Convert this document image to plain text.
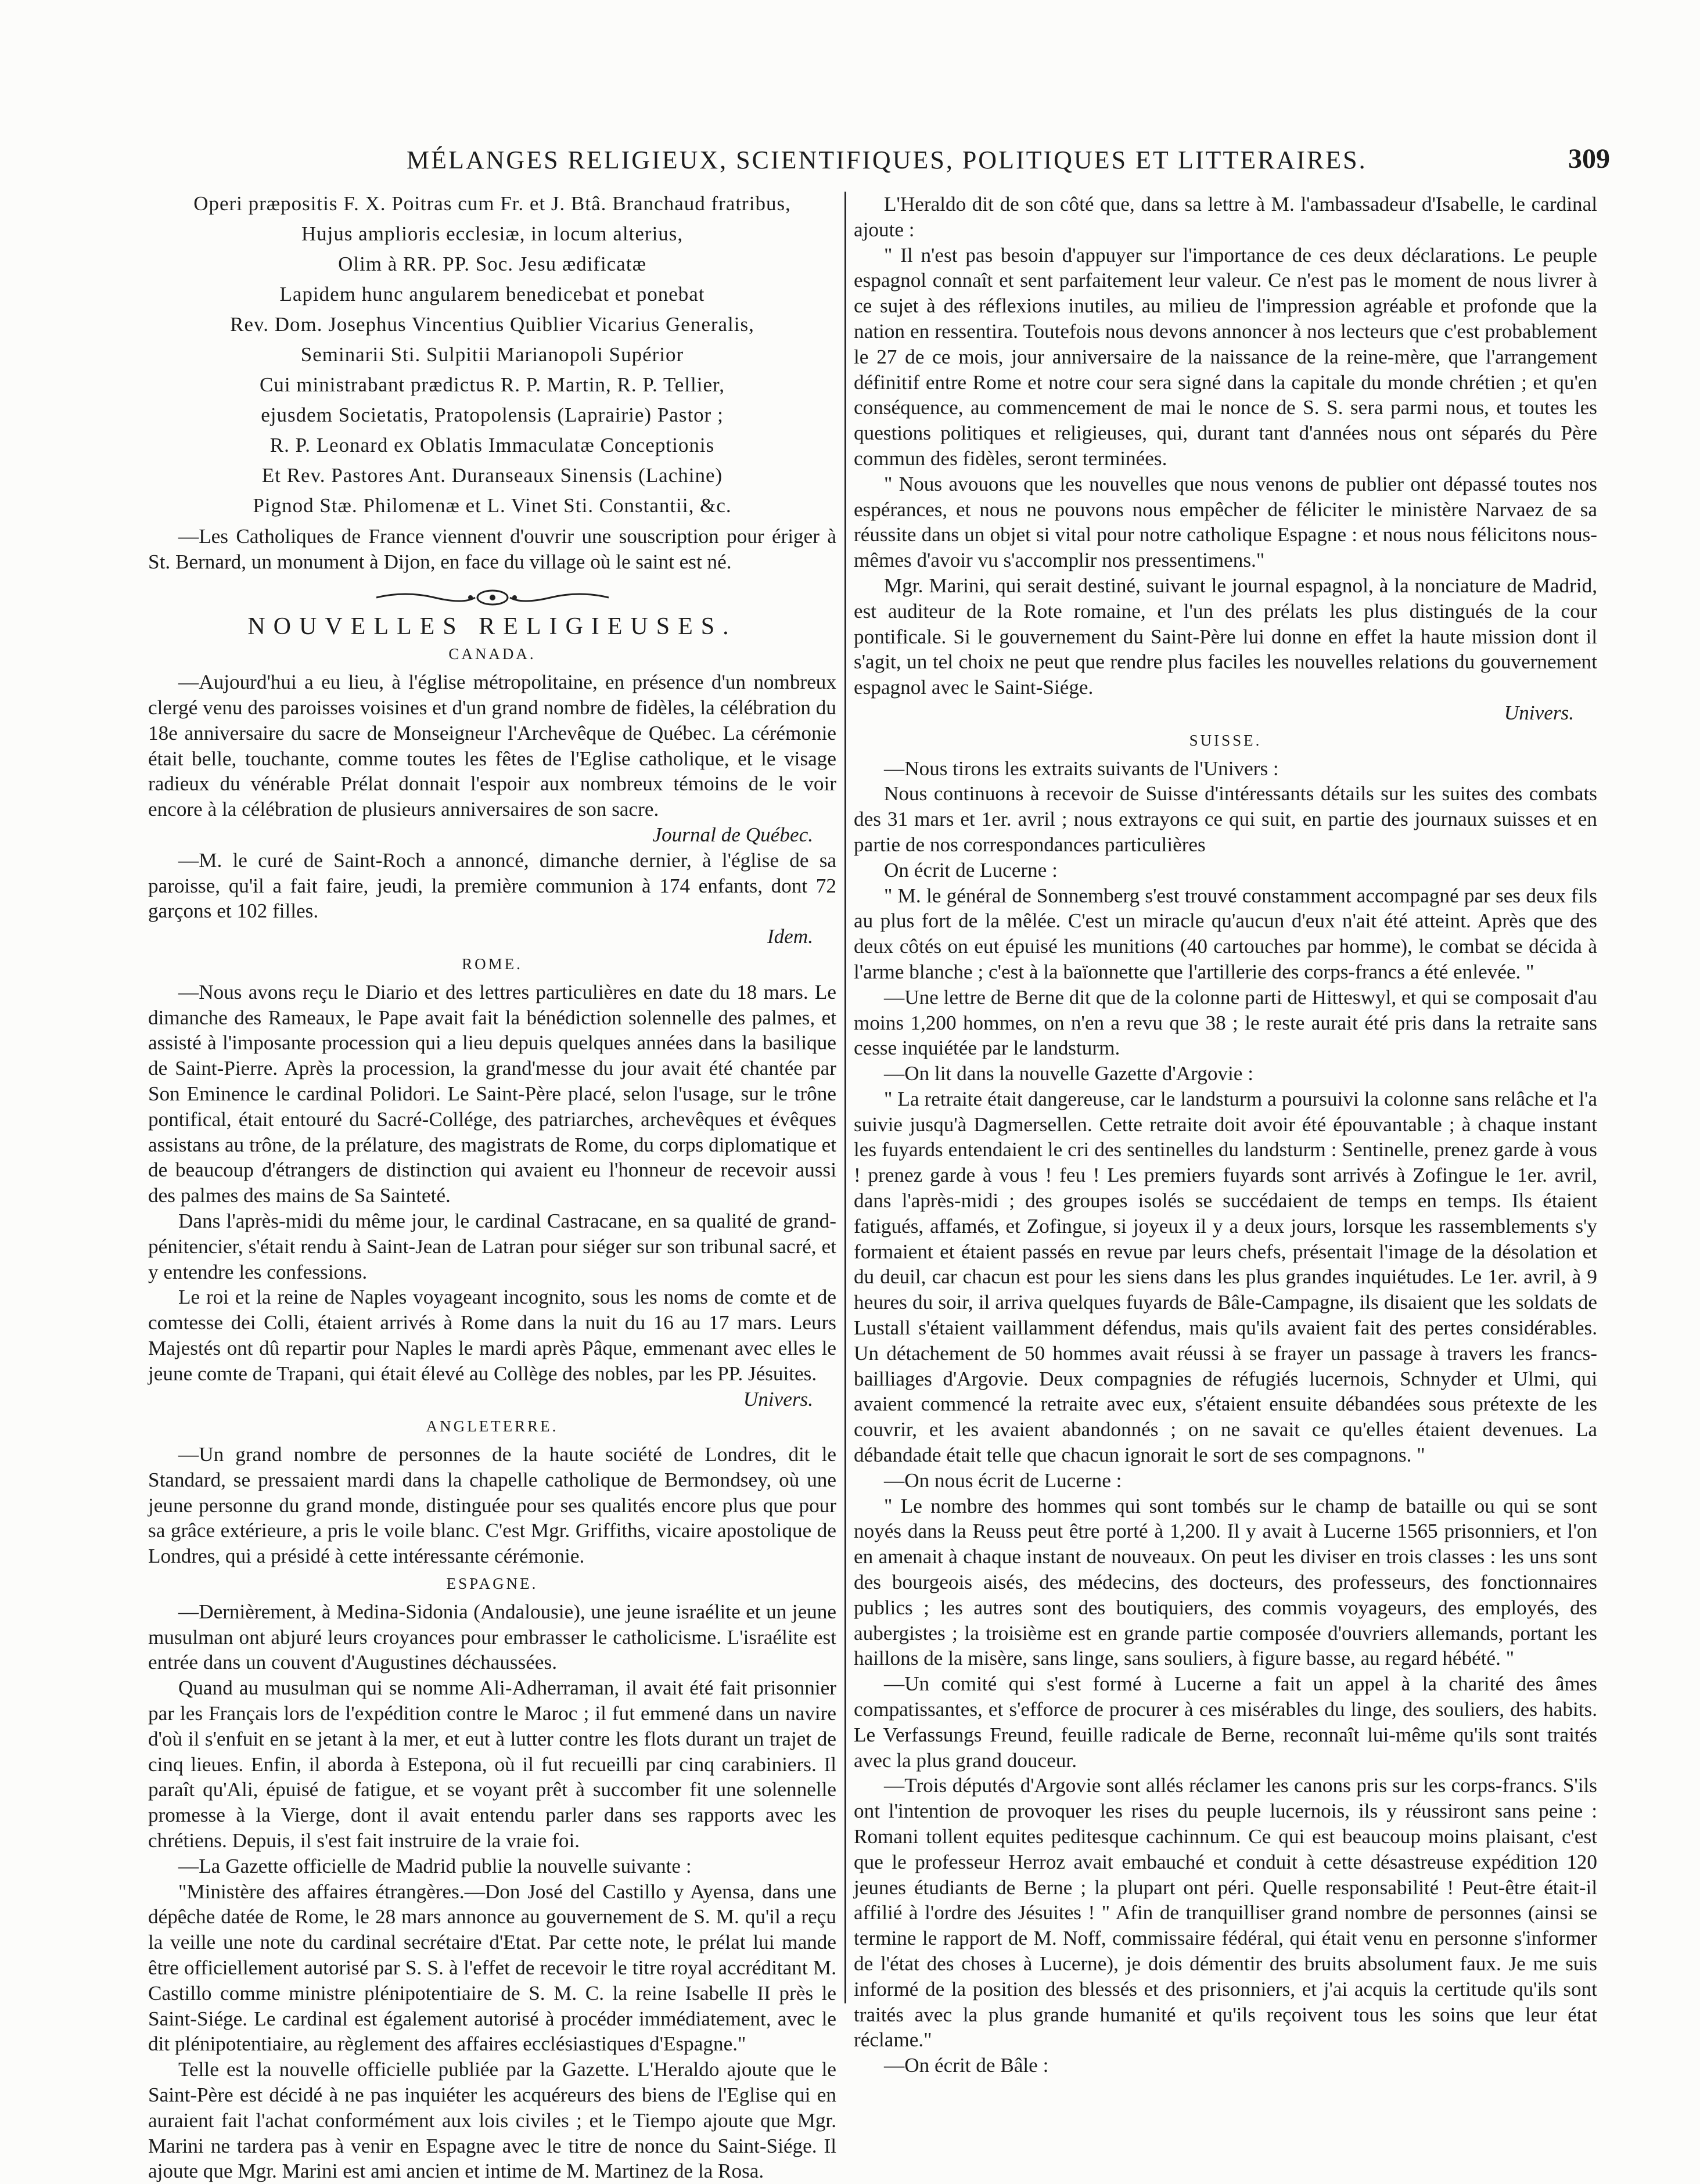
MÉLANGES RELIGIEUX, SCIENTIFIQUES, POLITIQUES ET LITTERAIRES.	309
Operi præpositis F. X. Poitras cum Fr. et J. Btâ. Branchaud fratribus,
Hujus amplioris ecclesiæ, in locum alterius,
Olim à RR. PP. Soc. Jesu ædificatæ
Lapidem hunc angularem benedicebat et ponebat
Rev. Dom. Josephus Vincentius Quiblier Vicarius Generalis,
Seminarii Sti. Sulpitii Marianopoli Supérior
Cui ministrabant prædictus R. P. Martin, R. P. Tellier,
ejusdem Societatis, Pratopolensis (Laprairie) Pastor ;
R. P. Leonard ex Oblatis Immaculatæ Conceptionis
Et Rev. Pastores Ant. Duranseaux Sinensis (Lachine)
Pignod Stæ. Philomenæ et L. Vinet Sti. Constantii, &c.

—Les Catholiques de France viennent d'ouvrir une souscription pour ériger à St. Bernard, un monument à Dijon, en face du village où le saint est né.

NOUVELLES RELIGIEUSES.
CANADA.

—Aujourd'hui a eu lieu, à l'église métropolitaine, en présence d'un nombreux clergé venu des paroisses voisines et d'un grand nombre de fidèles, la célébration du 18e anniversaire du sacre de Monseigneur l'Archevêque de Québec. La cérémonie était belle, touchante, comme toutes les fêtes de l'Eglise catholique, et le visage radieux du vénérable Prélat donnait l'espoir aux nombreux témoins de le voir encore à la célébration de plusieurs anniversaires de son sacre.

Journal de Québec.

—M. le curé de Saint-Roch a annoncé, dimanche dernier, à l'église de sa paroisse, qu'il a fait faire, jeudi, la première communion à 174 enfants, dont 72 garçons et 102 filles.

Idem.
ROME.

—Nous avons reçu le Diario et des lettres particulières en date du 18 mars. Le dimanche des Rameaux, le Pape avait fait la bénédiction solennelle des palmes, et assisté à l'imposante procession qui a lieu depuis quelques années dans la basilique de Saint-Pierre. Après la procession, la grand'messe du jour avait été chantée par Son Eminence le cardinal Polidori. Le Saint-Père placé, selon l'usage, sur le trône pontifical, était entouré du Sacré-Collége, des patriarches, archevêques et évêques assistans au trône, de la prélature, des magistrats de Rome, du corps diplomatique et de beaucoup d'étrangers de distinction qui avaient eu l'honneur de recevoir aussi des palmes des mains de Sa Sainteté.

Dans l'après-midi du même jour, le cardinal Castracane, en sa qualité de grand-pénitencier, s'était rendu à Saint-Jean de Latran pour siéger sur son tribunal sacré, et y entendre les confessions.

Le roi et la reine de Naples voyageant incognito, sous les noms de comte et de comtesse dei Colli, étaient arrivés à Rome dans la nuit du 16 au 17 mars. Leurs Majestés ont dû repartir pour Naples le mardi après Pâque, emmenant avec elles le jeune comte de Trapani, qui était élevé au Collège des nobles, par les PP. Jésuites.

Univers.
ANGLETERRE.

—Un grand nombre de personnes de la haute société de Londres, dit le Standard, se pressaient mardi dans la chapelle catholique de Bermondsey, où une jeune personne du grand monde, distinguée pour ses qualités encore plus que pour sa grâce extérieure, a pris le voile blanc. C'est Mgr. Griffiths, vicaire apostolique de Londres, qui a présidé à cette intéressante cérémonie.

ESPAGNE.

—Dernièrement, à Medina-Sidonia (Andalousie), une jeune israélite et un jeune musulman ont abjuré leurs croyances pour embrasser le catholicisme. L'israélite est entrée dans un couvent d'Augustines déchaussées.

Quand au musulman qui se nomme Ali-Adherraman, il avait été fait prisonnier par les Français lors de l'expédition contre le Maroc ; il fut emmené dans un navire d'où il s'enfuit en se jetant à la mer, et eut à lutter contre les flots durant un trajet de cinq lieues. Enfin, il aborda à Estepona, où il fut recueilli par cinq carabiniers. Il paraît qu'Ali, épuisé de fatigue, et se voyant prêt à succomber fit une solennelle promesse à la Vierge, dont il avait entendu parler dans ses rapports avec les chrétiens. Depuis, il s'est fait instruire de la vraie foi.

—La Gazette officielle de Madrid publie la nouvelle suivante :

"Ministère des affaires étrangères.—Don José del Castillo y Ayensa, dans une dépêche datée de Rome, le 28 mars annonce au gouvernement de S. M. qu'il a reçu la veille une note du cardinal secrétaire d'Etat. Par cette note, le prélat lui mande être officiellement autorisé par S. S. à l'effet de recevoir le titre royal accréditant M. Castillo comme ministre plénipotentiaire de S. M. C. la reine Isabelle II près le Saint-Siége. Le cardinal est également autorisé à procéder immédiatement, avec le dit plénipotentiaire, au règlement des affaires ecclésiastiques d'Espagne."

Telle est la nouvelle officielle publiée par la Gazette. L'Heraldo ajoute que le Saint-Père est décidé à ne pas inquiéter les acquéreurs des biens de l'Eglise qui en auraient fait l'achat conformément aux lois civiles ; et le Tiempo ajoute que Mgr. Marini ne tardera pas à venir en Espagne avec le titre de nonce du Saint-Siége. Il ajoute que Mgr. Marini est ami ancien et intime de M. Martinez de la Rosa.

L'Heraldo dit de son côté que, dans sa lettre à M. l'ambassadeur d'Isabelle, le cardinal ajoute :

" Il n'est pas besoin d'appuyer sur l'importance de ces deux déclarations. Le peuple espagnol connaît et sent parfaitement leur valeur. Ce n'est pas le moment de nous livrer à ce sujet à des réflexions inutiles, au milieu de l'impression agréable et profonde que la nation en ressentira. Toutefois nous devons annoncer à nos lecteurs que c'est probablement le 27 de ce mois, jour anniversaire de la naissance de la reine-mère, que l'arrangement définitif entre Rome et notre cour sera signé dans la capitale du monde chrétien ; et qu'en conséquence, au commencement de mai le nonce de S. S. sera parmi nous, et toutes les questions politiques et religieuses, qui, durant tant d'années nous ont séparés du Père commun des fidèles, seront terminées.

" Nous avouons que les nouvelles que nous venons de publier ont dépassé toutes nos espérances, et nous ne pouvons nous empêcher de féliciter le ministère Narvaez de sa réussite dans un objet si vital pour notre catholique Espagne : et nous nous félicitons nous-mêmes d'avoir vu s'accomplir nos pressentimens."

Mgr. Marini, qui serait destiné, suivant le journal espagnol, à la nonciature de Madrid, est auditeur de la Rote romaine, et l'un des prélats les plus distingués de la cour pontificale. Si le gouvernement du Saint-Père lui donne en effet la haute mission dont il s'agit, un tel choix ne peut que rendre plus faciles les nouvelles relations du gouvernement espagnol avec le Saint-Siége.

Univers.
SUISSE.

—Nous tirons les extraits suivants de l'Univers :

Nous continuons à recevoir de Suisse d'intéressants détails sur les suites des combats des 31 mars et 1er. avril ; nous extrayons ce qui suit, en partie des journaux suisses et en partie de nos correspondances particulières

On écrit de Lucerne :

" M. le général de Sonnemberg s'est trouvé constamment accompagné par ses deux fils au plus fort de la mêlée. C'est un miracle qu'aucun d'eux n'ait été atteint. Après que des deux côtés on eut épuisé les munitions (40 cartouches par homme), le combat se décida à l'arme blanche ; c'est à la baïonnette que l'artillerie des corps-francs a été enlevée. "

—Une lettre de Berne dit que de la colonne parti de Hitteswyl, et qui se composait d'au moins 1,200 hommes, on n'en a revu que 38 ; le reste aurait été pris dans la retraite sans cesse inquiétée par le landsturm.

—On lit dans la nouvelle Gazette d'Argovie :

" La retraite était dangereuse, car le landsturm a poursuivi la colonne sans relâche et l'a suivie jusqu'à Dagmersellen. Cette retraite doit avoir été épouvantable ; à chaque instant les fuyards entendaient le cri des sentinelles du landsturm : Sentinelle, prenez garde à vous ! prenez garde à vous ! feu ! Les premiers fuyards sont arrivés à Zofingue le 1er. avril, dans l'après-midi ; des groupes isolés se succédaient de temps en temps. Ils étaient fatigués, affamés, et Zofingue, si joyeux il y a deux jours, lorsque les rassemblements s'y formaient et étaient passés en revue par leurs chefs, présentait l'image de la désolation et du deuil, car chacun est pour les siens dans les plus grandes inquiétudes. Le 1er. avril, à 9 heures du soir, il arriva quelques fuyards de Bâle-Campagne, ils disaient que les soldats de Lustall s'étaient vaillamment défendus, mais qu'ils avaient fait des pertes considérables. Un détachement de 50 hommes avait réussi à se frayer un passage à travers les francs-bailliages d'Argovie. Deux compagnies de réfugiés lucernois, Schnyder et Ulmi, qui avaient commencé la retraite avec eux, s'étaient ensuite débandées sous prétexte de les couvrir, et les avaient abandonnés ; on ne savait ce qu'elles étaient devenues. La débandade était telle que chacun ignorait le sort de ses compagnons. "

—On nous écrit de Lucerne :

" Le nombre des hommes qui sont tombés sur le champ de bataille ou qui se sont noyés dans la Reuss peut être porté à 1,200. Il y avait à Lucerne 1565 prisonniers, et l'on en amenait à chaque instant de nouveaux. On peut les diviser en trois classes : les uns sont des bourgeois aisés, des médecins, des docteurs, des professeurs, des fonctionnaires publics ; les autres sont des boutiquiers, des commis voyageurs, des employés, des aubergistes ; la troisième est en grande partie composée d'ouvriers allemands, portant les haillons de la misère, sans linge, sans souliers, à figure basse, au regard hébété. "

—Un comité qui s'est formé à Lucerne a fait un appel à la charité des âmes compatissantes, et s'efforce de procurer à ces misérables du linge, des souliers, des habits. Le Verfassungs Freund, feuille radicale de Berne, reconnaît lui-même qu'ils sont traités avec la plus grand douceur.

—Trois députés d'Argovie sont allés réclamer les canons pris sur les corps-francs. S'ils ont l'intention de provoquer les rises du peuple lucernois, ils y réussiront sans peine : Romani tollent equites peditesque cachinnum. Ce qui est beaucoup moins plaisant, c'est que le professeur Herroz avait embauché et conduit à cette désastreuse expédition 120 jeunes étudiants de Berne ; la plupart ont péri. Quelle responsabilité ! Peut-être était-il affilié à l'ordre des Jésuites ! " Afin de tranquilliser grand nombre de personnes (ainsi se termine le rapport de M. Noff, commissaire fédéral, qui était venu en personne s'informer de l'état des choses à Lucerne), je dois démentir des bruits absolument faux. Je me suis informé de la position des blessés et des prisonniers, et j'ai acquis la certitude qu'ils sont traités avec la plus grande humanité et qu'ils reçoivent tous les soins que leur état réclame."

—On écrit de Bâle :
